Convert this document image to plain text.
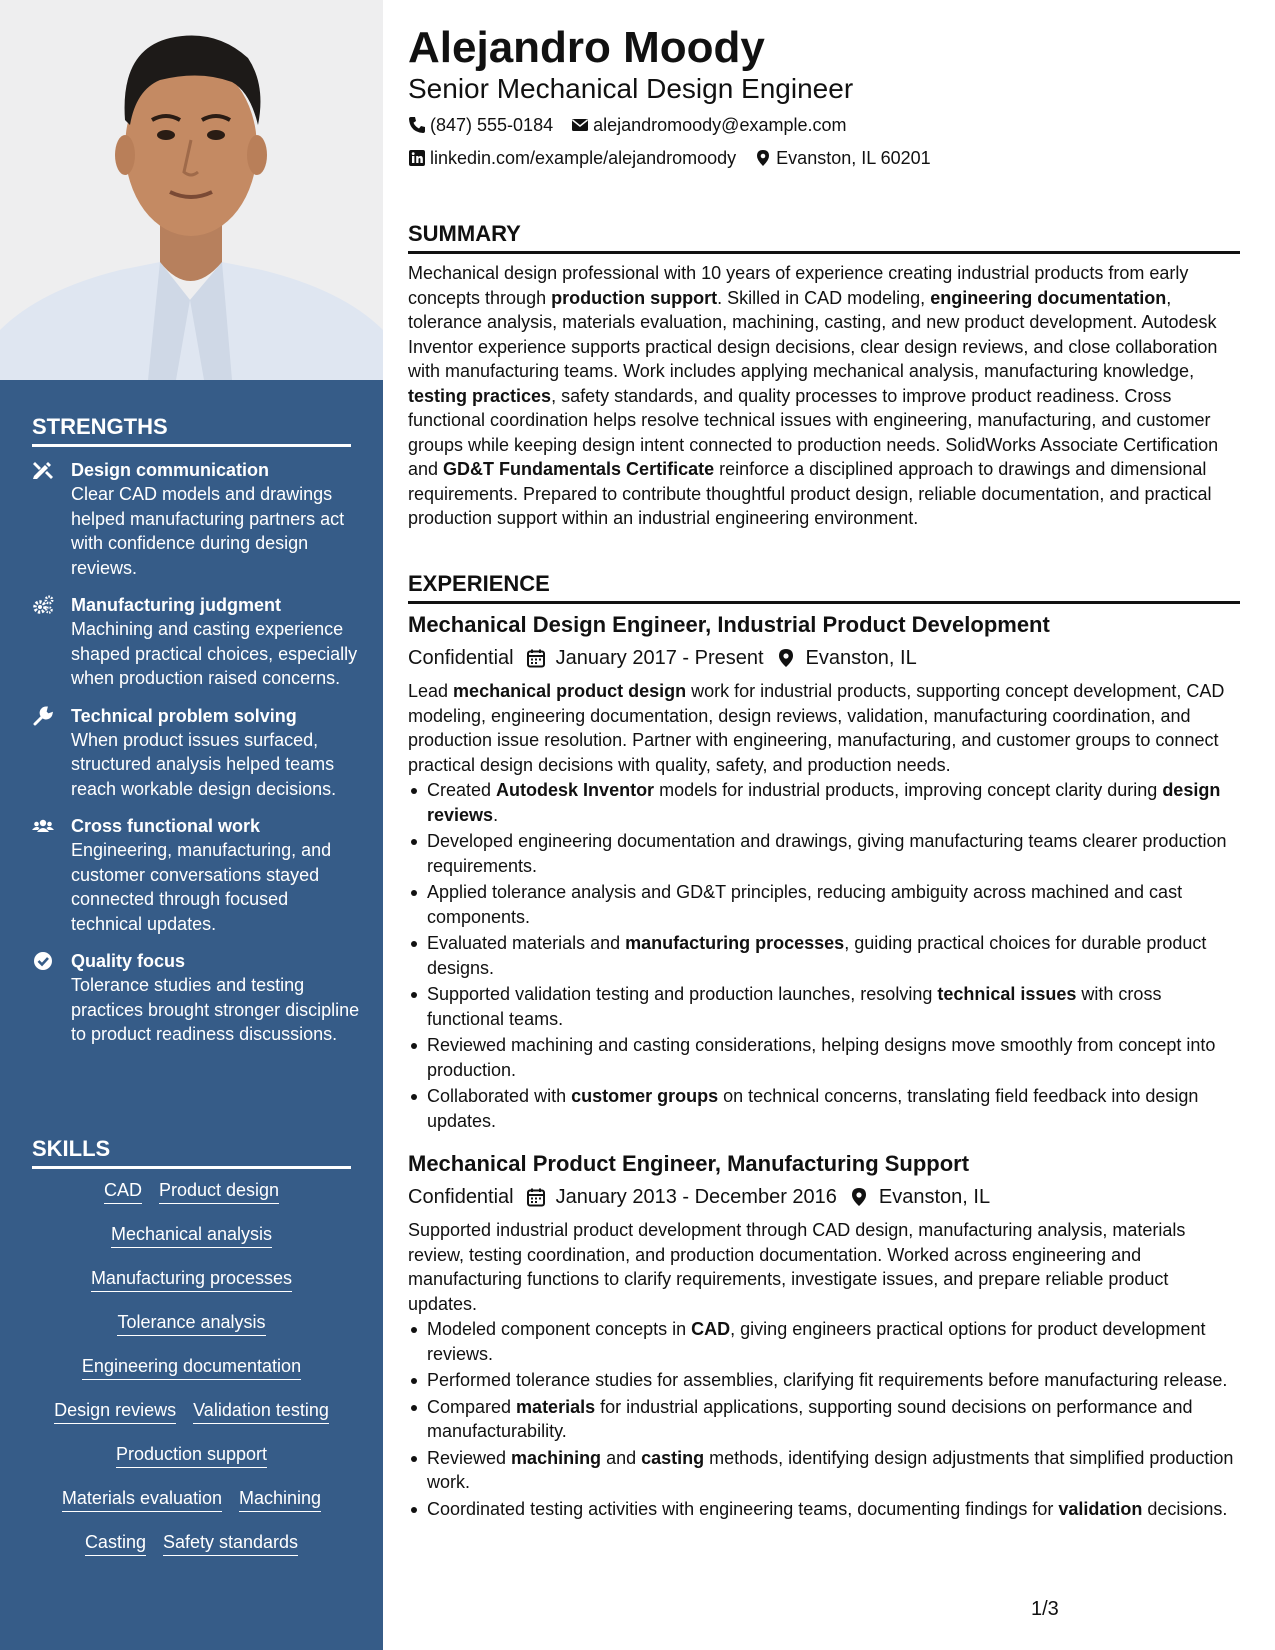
STRENGTHS
Design communication
Clear CAD models and drawings helped manufacturing partners act with confidence during design reviews.
Manufacturing judgment
Machining and casting experience shaped practical choices, especially when production raised concerns.
Technical problem solving
When product issues surfaced, structured analysis helped teams reach workable design decisions.
Cross functional work
Engineering, manufacturing, and customer conversations stayed connected through focused technical updates.
Quality focus
Tolerance studies and testing practices brought stronger discipline to product readiness discussions.
SKILLS
CAD Product design
Mechanical analysis
Manufacturing processes
Tolerance analysis
Engineering documentation
Design reviews Validation testing
Production support
Materials evaluation Machining
Casting Safety standards
Alejandro Moody
Senior Mechanical Design Engineer
(847) 555-0184 alejandromoody@example.com
linkedin.com/example/alejandromoody Evanston, IL 60201
SUMMARY
Mechanical design professional with 10 years of experience creating industrial products from early concepts through production support. Skilled in CAD modeling, engineering documentation, tolerance analysis, materials evaluation, machining, casting, and new product development. Autodesk Inventor experience supports practical design decisions, clear design reviews, and close collaboration with manufacturing teams. Work includes applying mechanical analysis, manufacturing knowledge, testing practices, safety standards, and quality processes to improve product readiness. Cross functional coordination helps resolve technical issues with engineering, manufacturing, and customer groups while keeping design intent connected to production needs. SolidWorks Associate Certification and GD&T Fundamentals Certificate reinforce a disciplined approach to drawings and dimensional requirements. Prepared to contribute thoughtful product design, reliable documentation, and practical production support within an industrial engineering environment.
EXPERIENCE
Mechanical Design Engineer, Industrial Product Development
Confidential January 2017 - Present Evanston, IL
Lead mechanical product design work for industrial products, supporting concept development, CAD modeling, engineering documentation, design reviews, validation, manufacturing coordination, and production issue resolution. Partner with engineering, manufacturing, and customer groups to connect practical design decisions with quality, safety, and production needs.
Created Autodesk Inventor models for industrial products, improving concept clarity during design reviews.
Developed engineering documentation and drawings, giving manufacturing teams clearer production requirements.
Applied tolerance analysis and GD&T principles, reducing ambiguity across machined and cast components.
Evaluated materials and manufacturing processes, guiding practical choices for durable product designs.
Supported validation testing and production launches, resolving technical issues with cross functional teams.
Reviewed machining and casting considerations, helping designs move smoothly from concept into production.
Collaborated with customer groups on technical concerns, translating field feedback into design updates.
Mechanical Product Engineer, Manufacturing Support
Confidential January 2013 - December 2016 Evanston, IL
Supported industrial product development through CAD design, manufacturing analysis, materials review, testing coordination, and production documentation. Worked across engineering and manufacturing functions to clarify requirements, investigate issues, and prepare reliable product updates.
Modeled component concepts in CAD, giving engineers practical options for product development reviews.
Performed tolerance studies for assemblies, clarifying fit requirements before manufacturing release.
Compared materials for industrial applications, supporting sound decisions on performance and manufacturability.
Reviewed machining and casting methods, identifying design adjustments that simplified production work.
Coordinated testing activities with engineering teams, documenting findings for validation decisions.
1/3
